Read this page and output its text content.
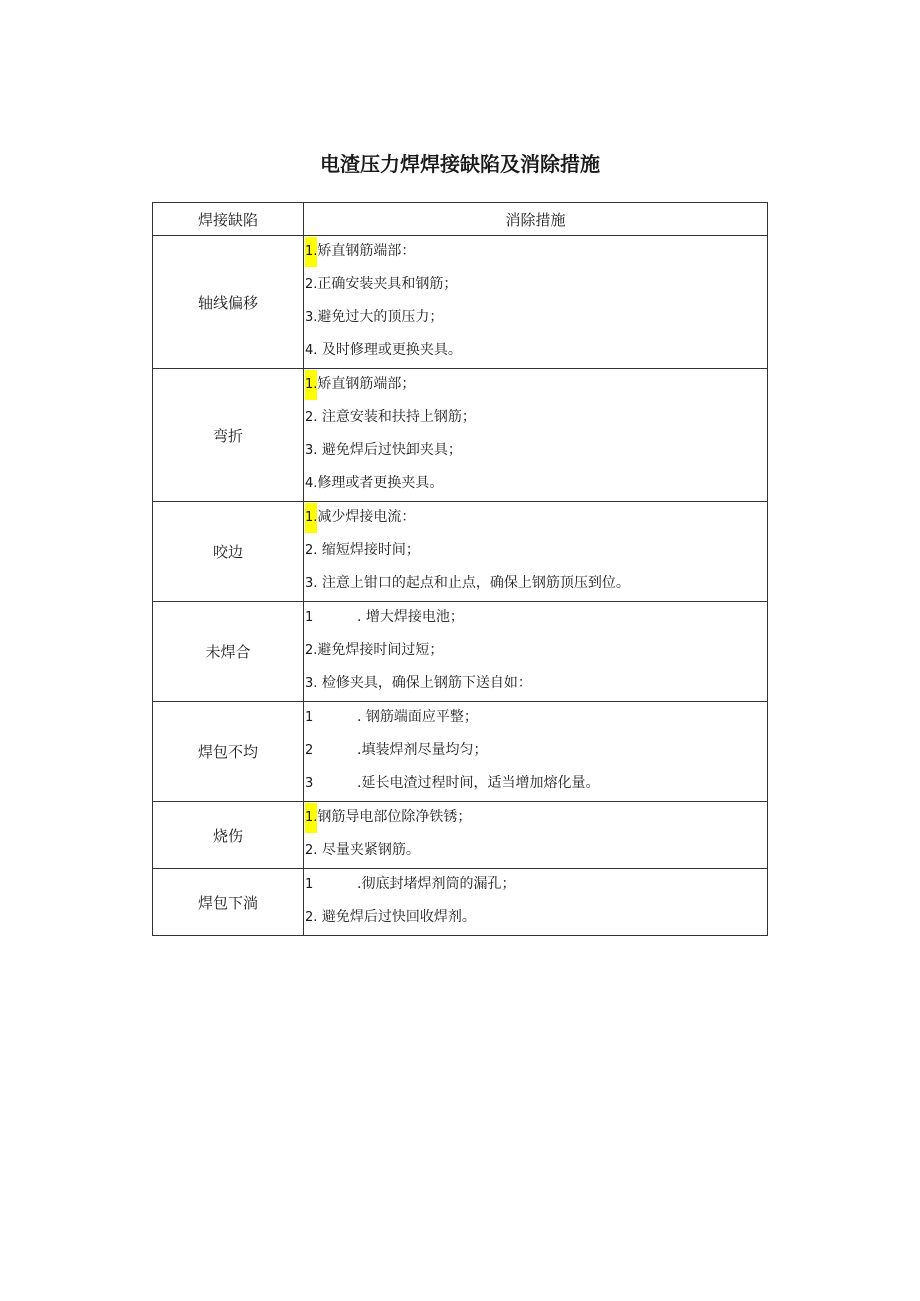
电渣压力焊焊接缺陷及消除措施
焊接缺陷	消除措施
轴线偏移	1.矫直钢筋端部：
2.正确安装夹具和钢筋；
3.避免过大的顶压力；
4. 及时修理或更换夹具。

弯折	1.矫直钢筋端部；
2. 注意安装和扶持上钢筋；
3. 避免焊后过快卸夹具；
4.修理或者更换夹具。

咬边	1.减少焊接电流：
2. 缩短焊接时间；
3. 注意上钳口的起点和止点，确保上钢筋顶压到位。

未焊合	1 . 增大焊接电池；
2.避免焊接时间过短；
3. 检修夹具，确保上钢筋下送自如：

焊包不均	1 . 钢筋端面应平整；
2 .填装焊剂尽量均匀；
3 .延长电渣过程时间，适当增加熔化量。

烧伤	1.钢筋导电部位除净铁锈；
2. 尽量夹紧钢筋。

焊包下淌	1 .彻底封堵焊剂筒的漏孔；
2. 避免焊后过快回收焊剂。
